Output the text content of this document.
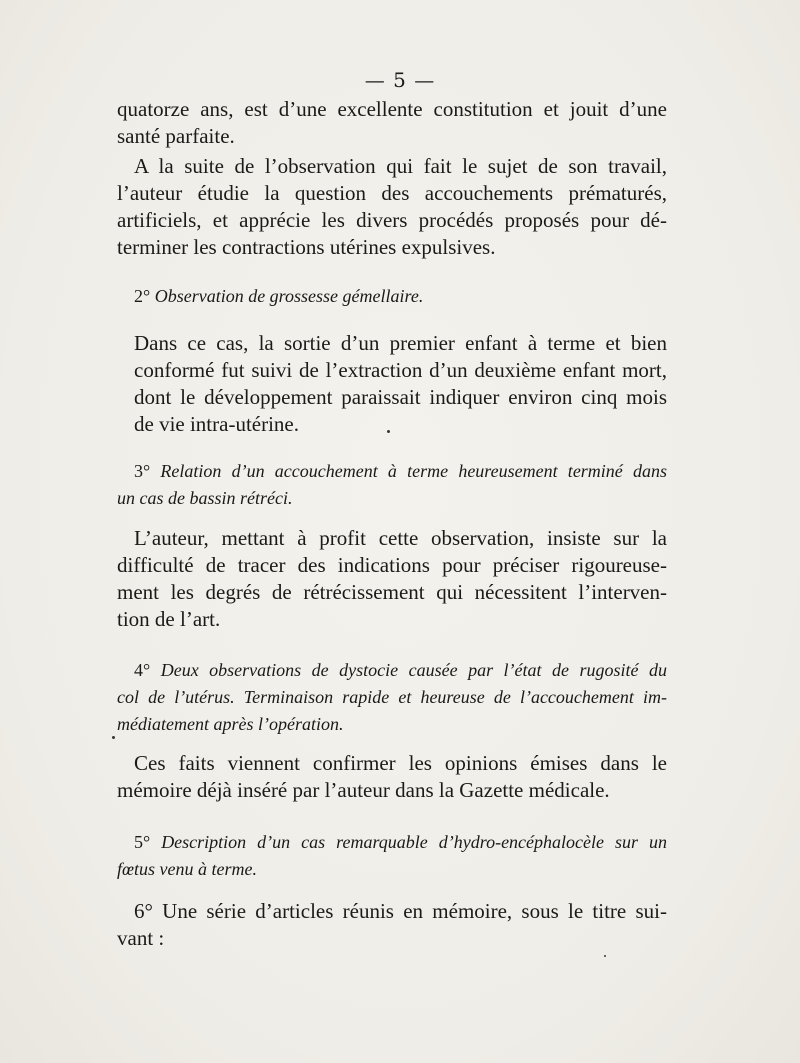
— 5 —
quatorze ans, est d’une excellente constitution et jouit d’une
santé parfaite.
A la suite de l’observation qui fait le sujet de son travail,
l’auteur étudie la question des accouchements prématurés,
artificiels, et apprécie les divers procédés proposés pour dé-
terminer les contractions utérines expulsives.
2° Observation de grossesse gémellaire.
Dans ce cas, la sortie d’un premier enfant à terme et bien
conformé fut suivi de l’extraction d’un deuxième enfant mort,
dont le développement paraissait indiquer environ cinq mois
de vie intra-utérine.
3° Relation d’un accouchement à terme heureusement terminé dans
un cas de bassin rétréci.
L’auteur, mettant à profit cette observation, insiste sur la
difficulté de tracer des indications pour préciser rigoureuse-
ment les degrés de rétrécissement qui nécessitent l’interven-
tion de l’art.
4° Deux observations de dystocie causée par l’état de rugosité du
col de l’utérus. Terminaison rapide et heureuse de l’accouchement im-
médiatement après l’opération.
Ces faits viennent confirmer les opinions émises dans le
mémoire déjà inséré par l’auteur dans la Gazette médicale.
5° Description d’un cas remarquable d’hydro-encéphalocèle sur un
fœtus venu à terme.
6° Une série d’articles réunis en mémoire, sous le titre sui-
vant :
